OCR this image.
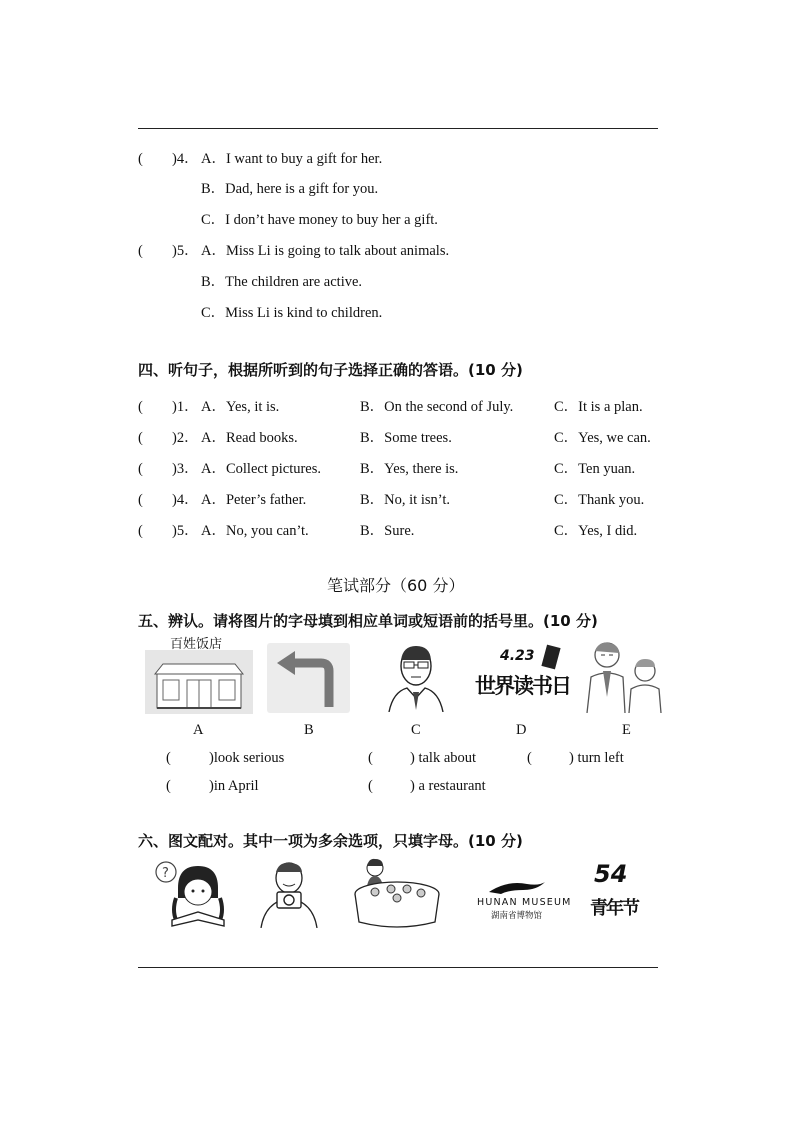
( )4． A．I want to buy a gift for her.
B．Dad, here is a gift for you.
C．I don’t have money to buy her a gift.
( )5． A．Miss Li is going to talk about animals.
B．The children are active.
C．Miss Li is kind to children.
四、听句子，根据所听到的句子选择正确的答语。(10 分)
( )1． A．Yes, it is.	B．On the second of July.	C．It is a plan.
( )2． A．Read books.	B．Some trees.	C．Yes, we can.
( )3． A．Collect pictures.	B．Yes, there is.	C．Ten yuan.
( )4． A．Peter’s father.	B．No, it isn’t.	C．Thank you.
( )5． A．No, you can’t.	B．Sure.	C．Yes, I did.
笔试部分（60 分）
五、辨认。请将图片的字母填到相应单词或短语前的括号里。(10 分)
百姓饭店
4.23
世界读书日
A	B	C	D	E
(	)look serious	(	) talk about	(	) turn left
(	)in April	(	) a restaurant
六、图文配对。其中一项为多余选项，只填字母。(10 分)
?
HUNAN MUSEUM
湖南省博物馆
54
青年节
